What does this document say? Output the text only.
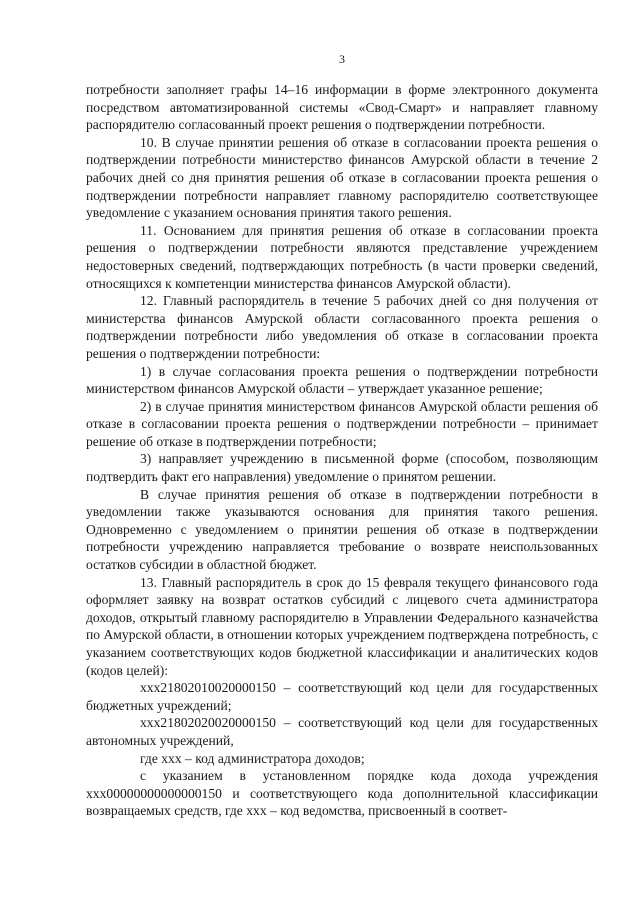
3

потребности заполняет графы 14–16 информации в форме электронного документа посредством автоматизированной системы «Свод-Смарт» и направляет главному распорядителю согласованный проект решения о подтверждении потребности.

10. В случае принятии решения об отказе в согласовании проекта решения о подтверждении потребности министерство финансов Амурской области в течение 2 рабочих дней со дня принятия решения об отказе в согласовании проекта решения о подтверждении потребности направляет главному распорядителю соответствующее уведомление с указанием основания принятия такого решения.

11. Основанием для принятия решения об отказе в согласовании проекта решения о подтверждении потребности являются представление учреждением недостоверных сведений, подтверждающих потребность (в части проверки сведений, относящихся к компетенции министерства финансов Амурской области).

12. Главный распорядитель в течение 5 рабочих дней со дня получения от министерства финансов Амурской области согласованного проекта решения о подтверждении потребности либо уведомления об отказе в согласовании проекта решения о подтверждении потребности:

1) в случае согласования проекта решения о подтверждении потребности министерством финансов Амурской области – утверждает указанное решение;

2) в случае принятия министерством финансов Амурской области решения об отказе в согласовании проекта решения о подтверждении потребности – принимает решение об отказе в подтверждении потребности;

3) направляет учреждению в письменной форме (способом, позволяющим подтвердить факт его направления) уведомление о принятом решении.

В случае принятия решения об отказе в подтверждении потребности в уведомлении также указываются основания для принятия такого решения. Одновременно с уведомлением о принятии решения об отказе в подтверждении потребности учреждению направляется требование о возврате неиспользованных остатков субсидии в областной бюджет.

13. Главный распорядитель в срок до 15 февраля текущего финансового года оформляет заявку на возврат остатков субсидий с лицевого счета администратора доходов, открытый главному распорядителю в Управлении Федерального казначейства по Амурской области, в отношении которых учреждением подтверждена потребность, с указанием соответствующих кодов бюджетной классификации и аналитических кодов (кодов целей):

ххх21802010020000150 – соответствующий код цели для государственных бюджетных учреждений;

ххх21802020020000150 – соответствующий код цели для государственных автономных учреждений,

где ххх – код администратора доходов;

с указанием в установленном порядке кода дохода учреждения ххх00000000000000150 и соответствующего кода дополнительной классификации возвращаемых средств, где ххх – код ведомства, присвоенный в соответ-
